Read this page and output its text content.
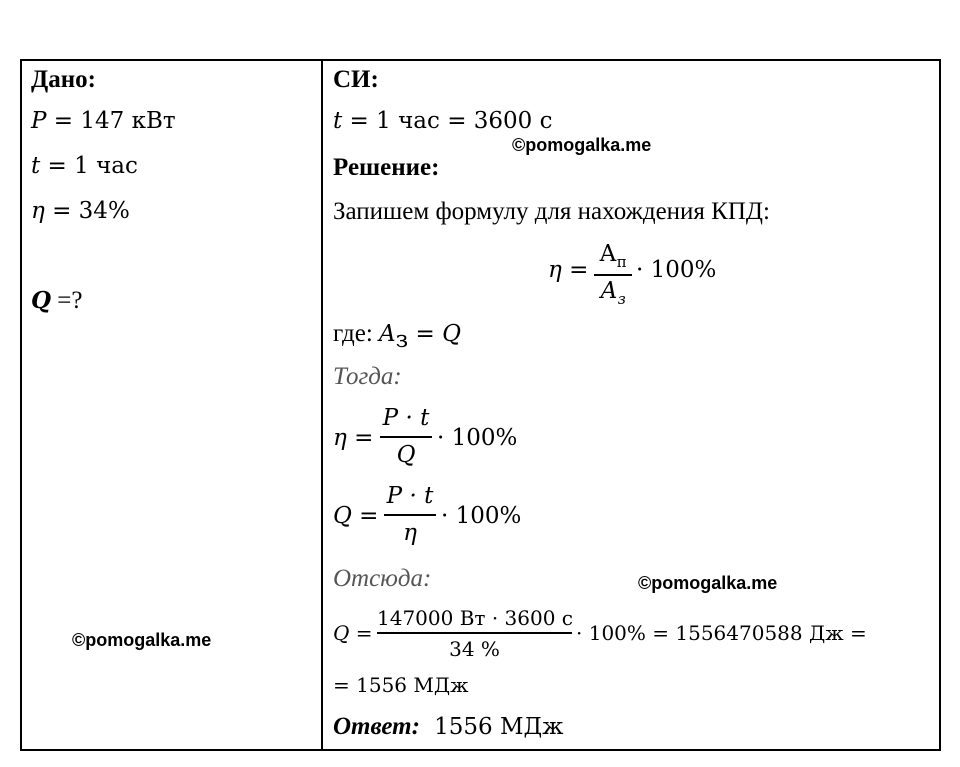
Дано:
P = 147 кВт
t = 1 час
η = 34%
Q =?
©pomogalka.me
СИ:
t = 1 час = 3600 с
©pomogalka.me
Решение:
Запишем формулу для нахождения КПД:
η =
$А_п$
$А_з$
· 100%
где: $A_з = Q$
Тогда:
η =
P · t
Q
· 100%
Q =
P · t
η
· 100%
Отсюда:	©pomogalka.me
Q =
147000 Вт · 3600 с
34 %
· 100% = 1556470588 Дж =
= 1556 МДж
Ответ: 1556 МДж
